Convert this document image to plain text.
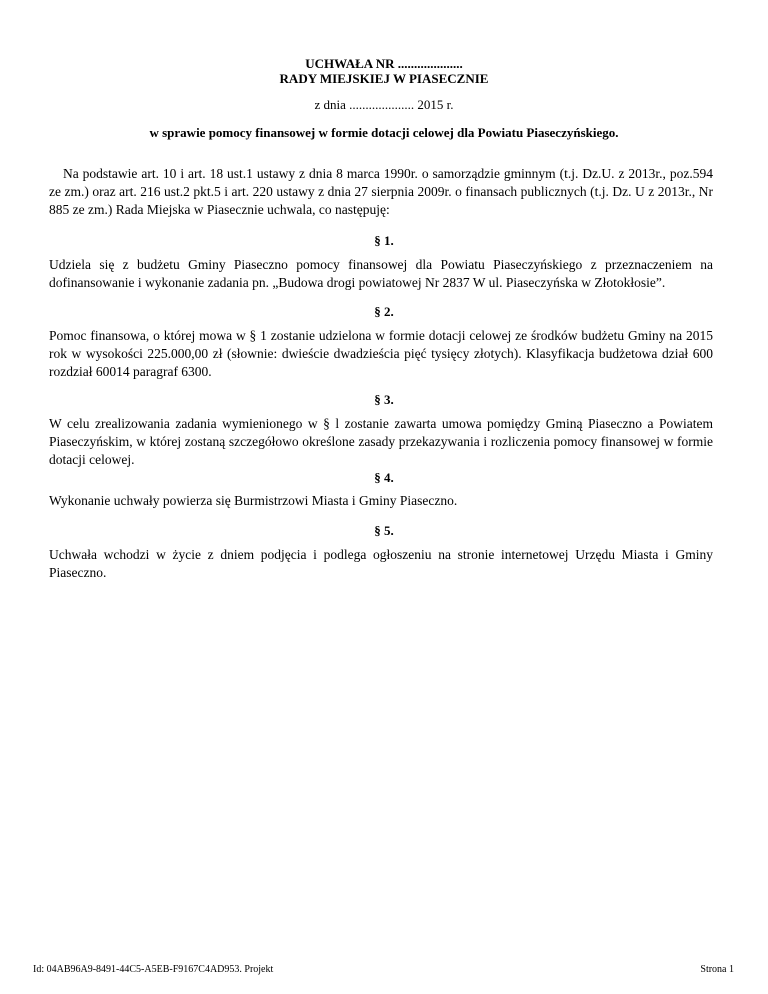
UCHWAŁA NR ....................
RADY MIEJSKIEJ W PIASECZNIE
z dnia .................... 2015 r.
w sprawie pomocy finansowej w formie dotacji celowej dla Powiatu Piaseczyńskiego.
Na podstawie art. 10 i art. 18 ust.1 ustawy z dnia 8 marca 1990r. o samorządzie gminnym (t.j. Dz.U. z 2013r., poz.594 ze zm.) oraz art. 216 ust.2 pkt.5 i art. 220 ustawy z dnia 27 sierpnia 2009r. o finansach publicznych (t.j. Dz. U z 2013r., Nr 885 ze zm.) Rada Miejska w Piasecznie uchwala, co następuję:
§ 1.
Udziela się z budżetu Gminy Piaseczno pomocy finansowej dla Powiatu Piaseczyńskiego z przeznaczeniem na dofinansowanie i wykonanie zadania pn. „Budowa drogi powiatowej Nr 2837 W ul. Piaseczyńska w Złotokłosie”.
§ 2.
Pomoc finansowa, o której mowa w § 1 zostanie udzielona w formie dotacji celowej ze środków budżetu Gminy na 2015 rok w wysokości 225.000,00 zł (słownie: dwieście dwadzieścia pięć tysięcy złotych). Klasyfikacja budżetowa dział 600 rozdział 60014 paragraf 6300.
§ 3.
W celu zrealizowania zadania wymienionego w § l zostanie zawarta umowa pomiędzy Gminą Piaseczno a Powiatem Piaseczyńskim, w której zostaną szczegółowo określone zasady przekazywania i rozliczenia pomocy finansowej w formie dotacji celowej.
§ 4.
Wykonanie uchwały powierza się Burmistrzowi Miasta i Gminy Piaseczno.
§ 5.
Uchwała wchodzi w życie z dniem podjęcia i podlega ogłoszeniu na stronie internetowej Urzędu Miasta i Gminy Piaseczno.
Id: 04AB96A9-8491-44C5-A5EB-F9167C4AD953. Projekt	Strona 1
